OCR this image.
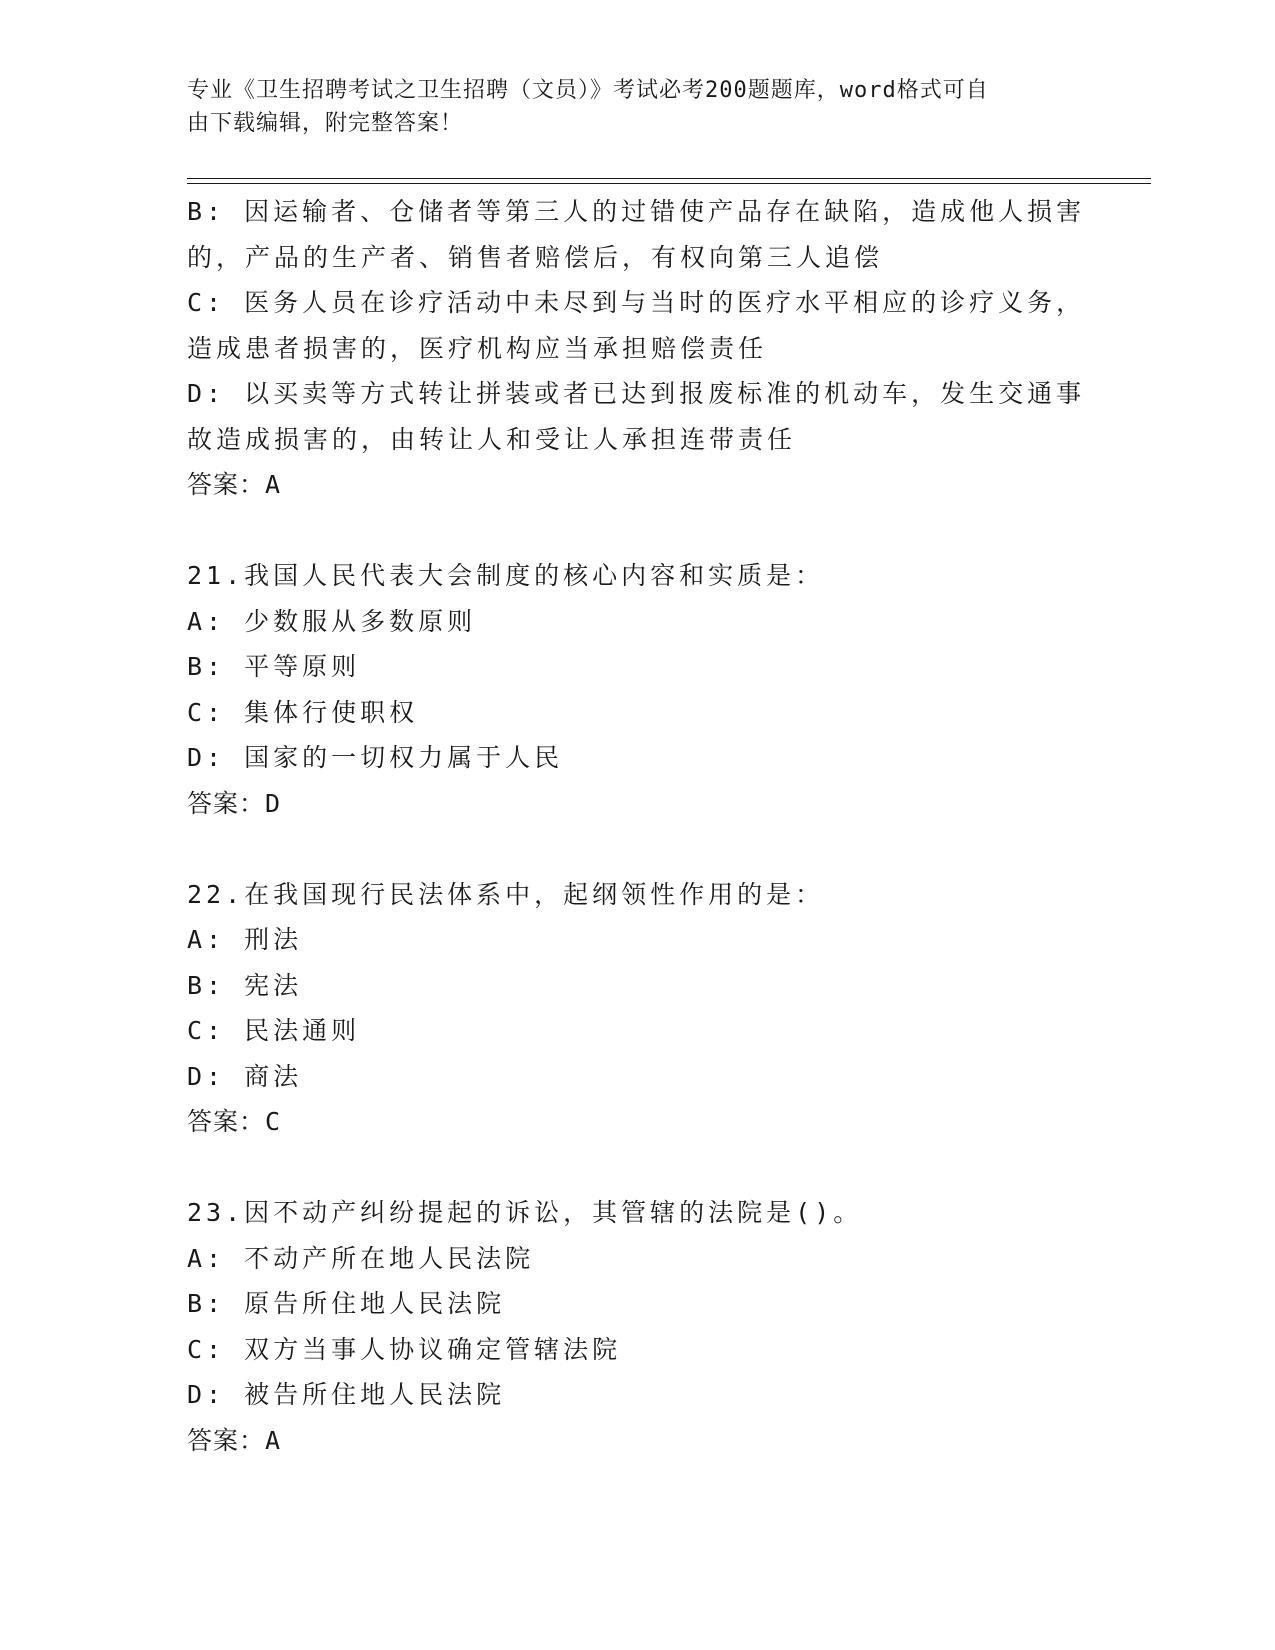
专业《卫生招聘考试之卫生招聘（文员）》考试必考200题题库，word格式可自
由下载编辑，附完整答案！
B: 因运输者、仓储者等第三人的过错使产品存在缺陷，造成他人损害
的，产品的生产者、销售者赔偿后，有权向第三人追偿
C: 医务人员在诊疗活动中未尽到与当时的医疗水平相应的诊疗义务，
造成患者损害的，医疗机构应当承担赔偿责任
D: 以买卖等方式转让拼装或者已达到报废标准的机动车，发生交通事
故造成损害的，由转让人和受让人承担连带责任
答案：A
21.我国人民代表大会制度的核心内容和实质是：
A: 少数服从多数原则
B: 平等原则
C: 集体行使职权
D: 国家的一切权力属于人民
答案：D
22.在我国现行民法体系中，起纲领性作用的是：
A: 刑法
B: 宪法
C: 民法通则
D: 商法
答案：C
23.因不动产纠纷提起的诉讼，其管辖的法院是()。
A: 不动产所在地人民法院
B: 原告所住地人民法院
C: 双方当事人协议确定管辖法院
D: 被告所住地人民法院
答案：A
